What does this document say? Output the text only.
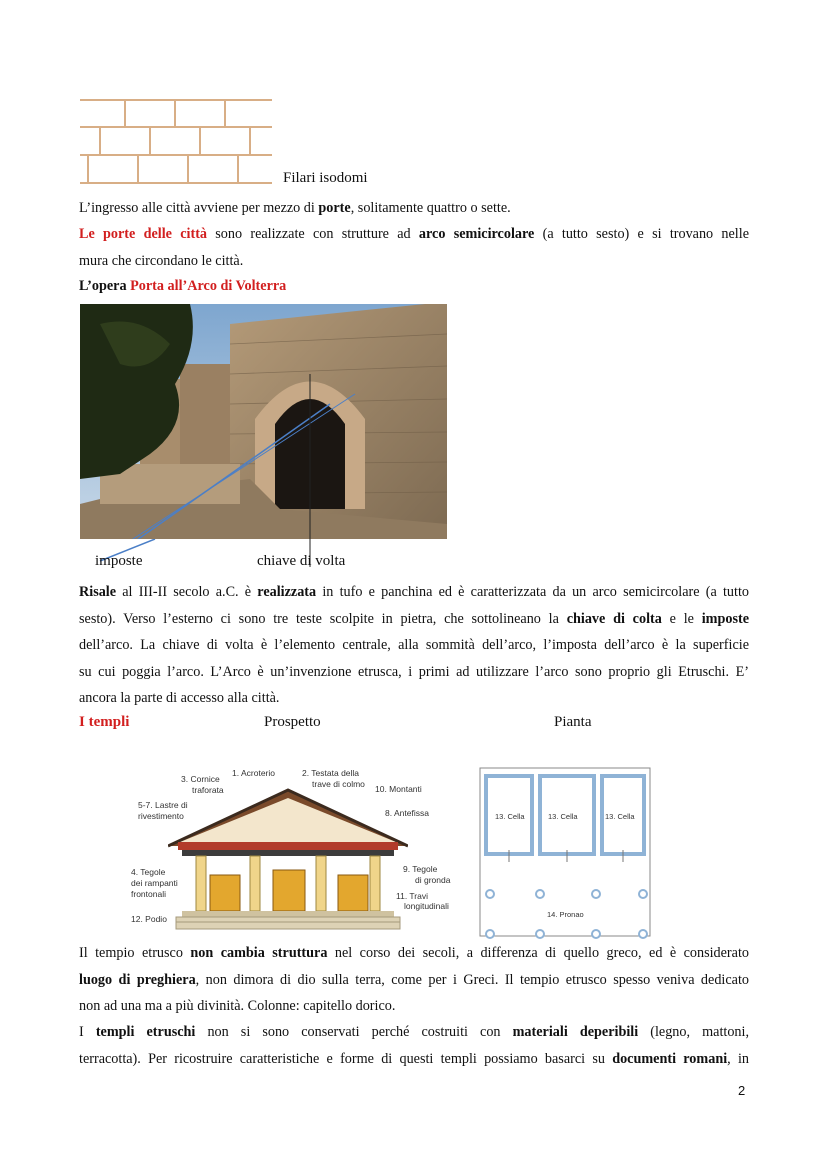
Filari isodomi
L’ingresso alle città avviene per mezzo di porte, solitamente quattro o sette.
Le porte delle città sono realizzate con strutture ad arco semicircolare (a tutto sesto) e si trovano nelle
mura che circondano le città.
L’opera Porta all’Arco di Volterra
imposte	chiave di volta
Risale al III-II secolo a.C. è realizzata in tufo e panchina ed è caratterizzata da un arco semicircolare (a tutto
sesto). Verso l’esterno ci sono tre teste scolpite in pietra, che sottolineano la chiave di colta e le imposte
dell’arco. La chiave di volta è l’elemento centrale, alla sommità dell’arco, l’imposta dell’arco è la superficie
su cui poggia l’arco. L’Arco è un’invenzione etrusca, i primi ad utilizzare l’arco sono proprio gli Etruschi. E’
ancora la parte di accesso alla città.
I templi	Prospetto	Pianta
1. Acroterio	2. Testata della
trave di colmo
3. Cornice
traforata
5-7. Lastre di
rivestimento
10. Montanti
8. Antefissa
4. Tegole
dei rampanti
frontonali
9. Tegole
di gronda
11. Travi
longitudinali
12. Podio
13. Cella	13. Cella	13. Cella
14. Pronao
Il tempio etrusco non cambia struttura nel corso dei secoli, a differenza di quello greco, ed è considerato
luogo di preghiera, non dimora di dio sulla terra, come per i Greci. Il tempio etrusco spesso veniva dedicato
non ad una ma a più divinità. Colonne: capitello dorico.
I templi etruschi non si sono conservati perché costruiti con materiali deperibili (legno, mattoni,
terracotta). Per ricostruire caratteristiche e forme di questi templi possiamo basarci su documenti romani, in
2
